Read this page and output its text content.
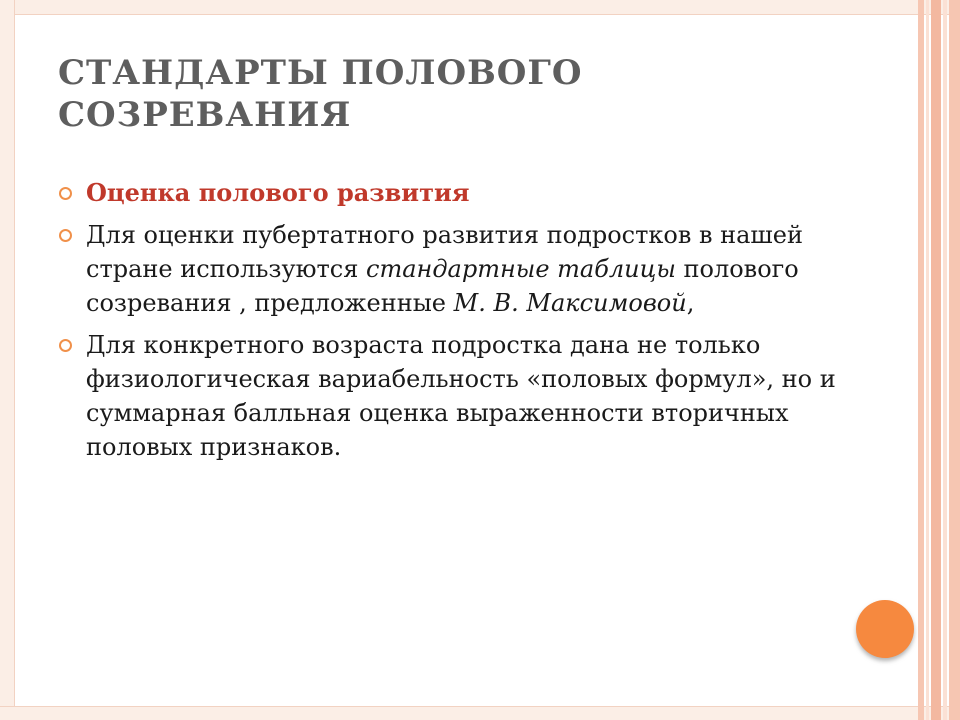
СТАНДАРТЫ ПОЛОВОГО
СОЗРЕВАНИЯ
Оценка полового развития
Для оценки пубертатного развития подростков в нашей стране используются стандартные таблицы полового созревания , предложенные М. В. Максимовой,
Для конкретного возраста подростка дана не только физиологическая вариабельность «половых формул», но и суммарная балльная оценка выраженности вторичных половых признаков.
